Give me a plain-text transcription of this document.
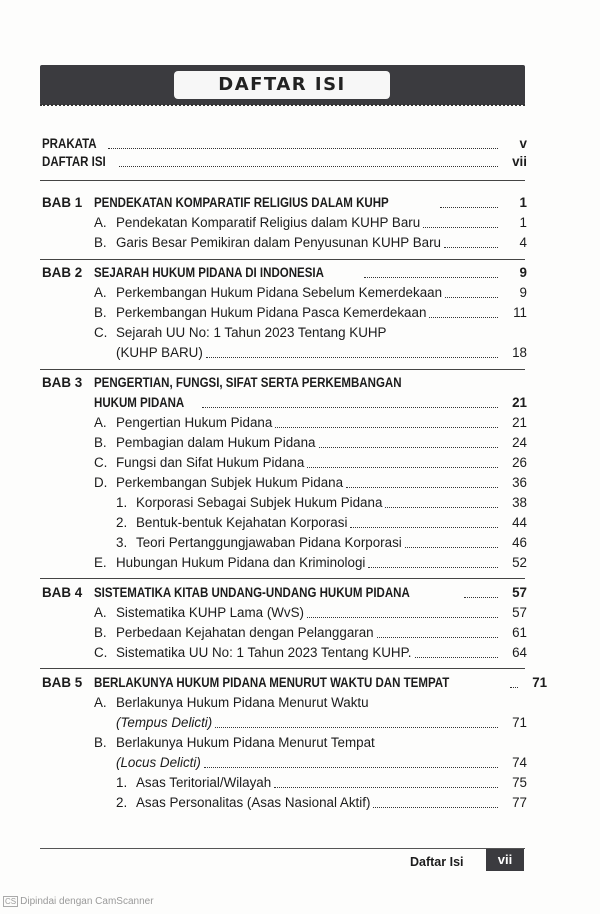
DAFTAR ISI
PRAKATA	v
DAFTAR ISI	vii
BAB 1 PENDEKATAN KOMPARATIF RELIGIUS DALAM KUHP	1
A. Pendekatan Komparatif Religius dalam KUHP Baru	1
B. Garis Besar Pemikiran dalam Penyusunan KUHP Baru	4
BAB 2 SEJARAH HUKUM PIDANA DI INDONESIA	9
A. Perkembangan Hukum Pidana Sebelum Kemerdekaan	9
B. Perkembangan Hukum Pidana Pasca Kemerdekaan	11
C. Sejarah UU No: 1 Tahun 2023 Tentang KUHP
(KUHP BARU)	18
BAB 3 PENGERTIAN, FUNGSI, SIFAT SERTA PERKEMBANGAN
HUKUM PIDANA	21
A. Pengertian Hukum Pidana	21
B. Pembagian dalam Hukum Pidana	24
C. Fungsi dan Sifat Hukum Pidana	26
D. Perkembangan Subjek Hukum Pidana	36
1. Korporasi Sebagai Subjek Hukum Pidana	38
2. Bentuk-bentuk Kejahatan Korporasi	44
3. Teori Pertanggungjawaban Pidana Korporasi	46
E. Hubungan Hukum Pidana dan Kriminologi	52
BAB 4 SISTEMATIKA KITAB UNDANG-UNDANG HUKUM PIDANA	57
A. Sistematika KUHP Lama (WvS)	57
B. Perbedaan Kejahatan dengan Pelanggaran	61
C. Sistematika UU No: 1 Tahun 2023 Tentang KUHP.	64
BAB 5 BERLAKUNYA HUKUM PIDANA MENURUT WAKTU DAN TEMPAT	71
A. Berlakunya Hukum Pidana Menurut Waktu
(Tempus Delicti)	71
B. Berlakunya Hukum Pidana Menurut Tempat
(Locus Delicti)	74
1. Asas Teritorial/Wilayah	75
2. Asas Personalitas (Asas Nasional Aktif)	77
Daftar Isi	vii
CS Dipindai dengan CamScanner
